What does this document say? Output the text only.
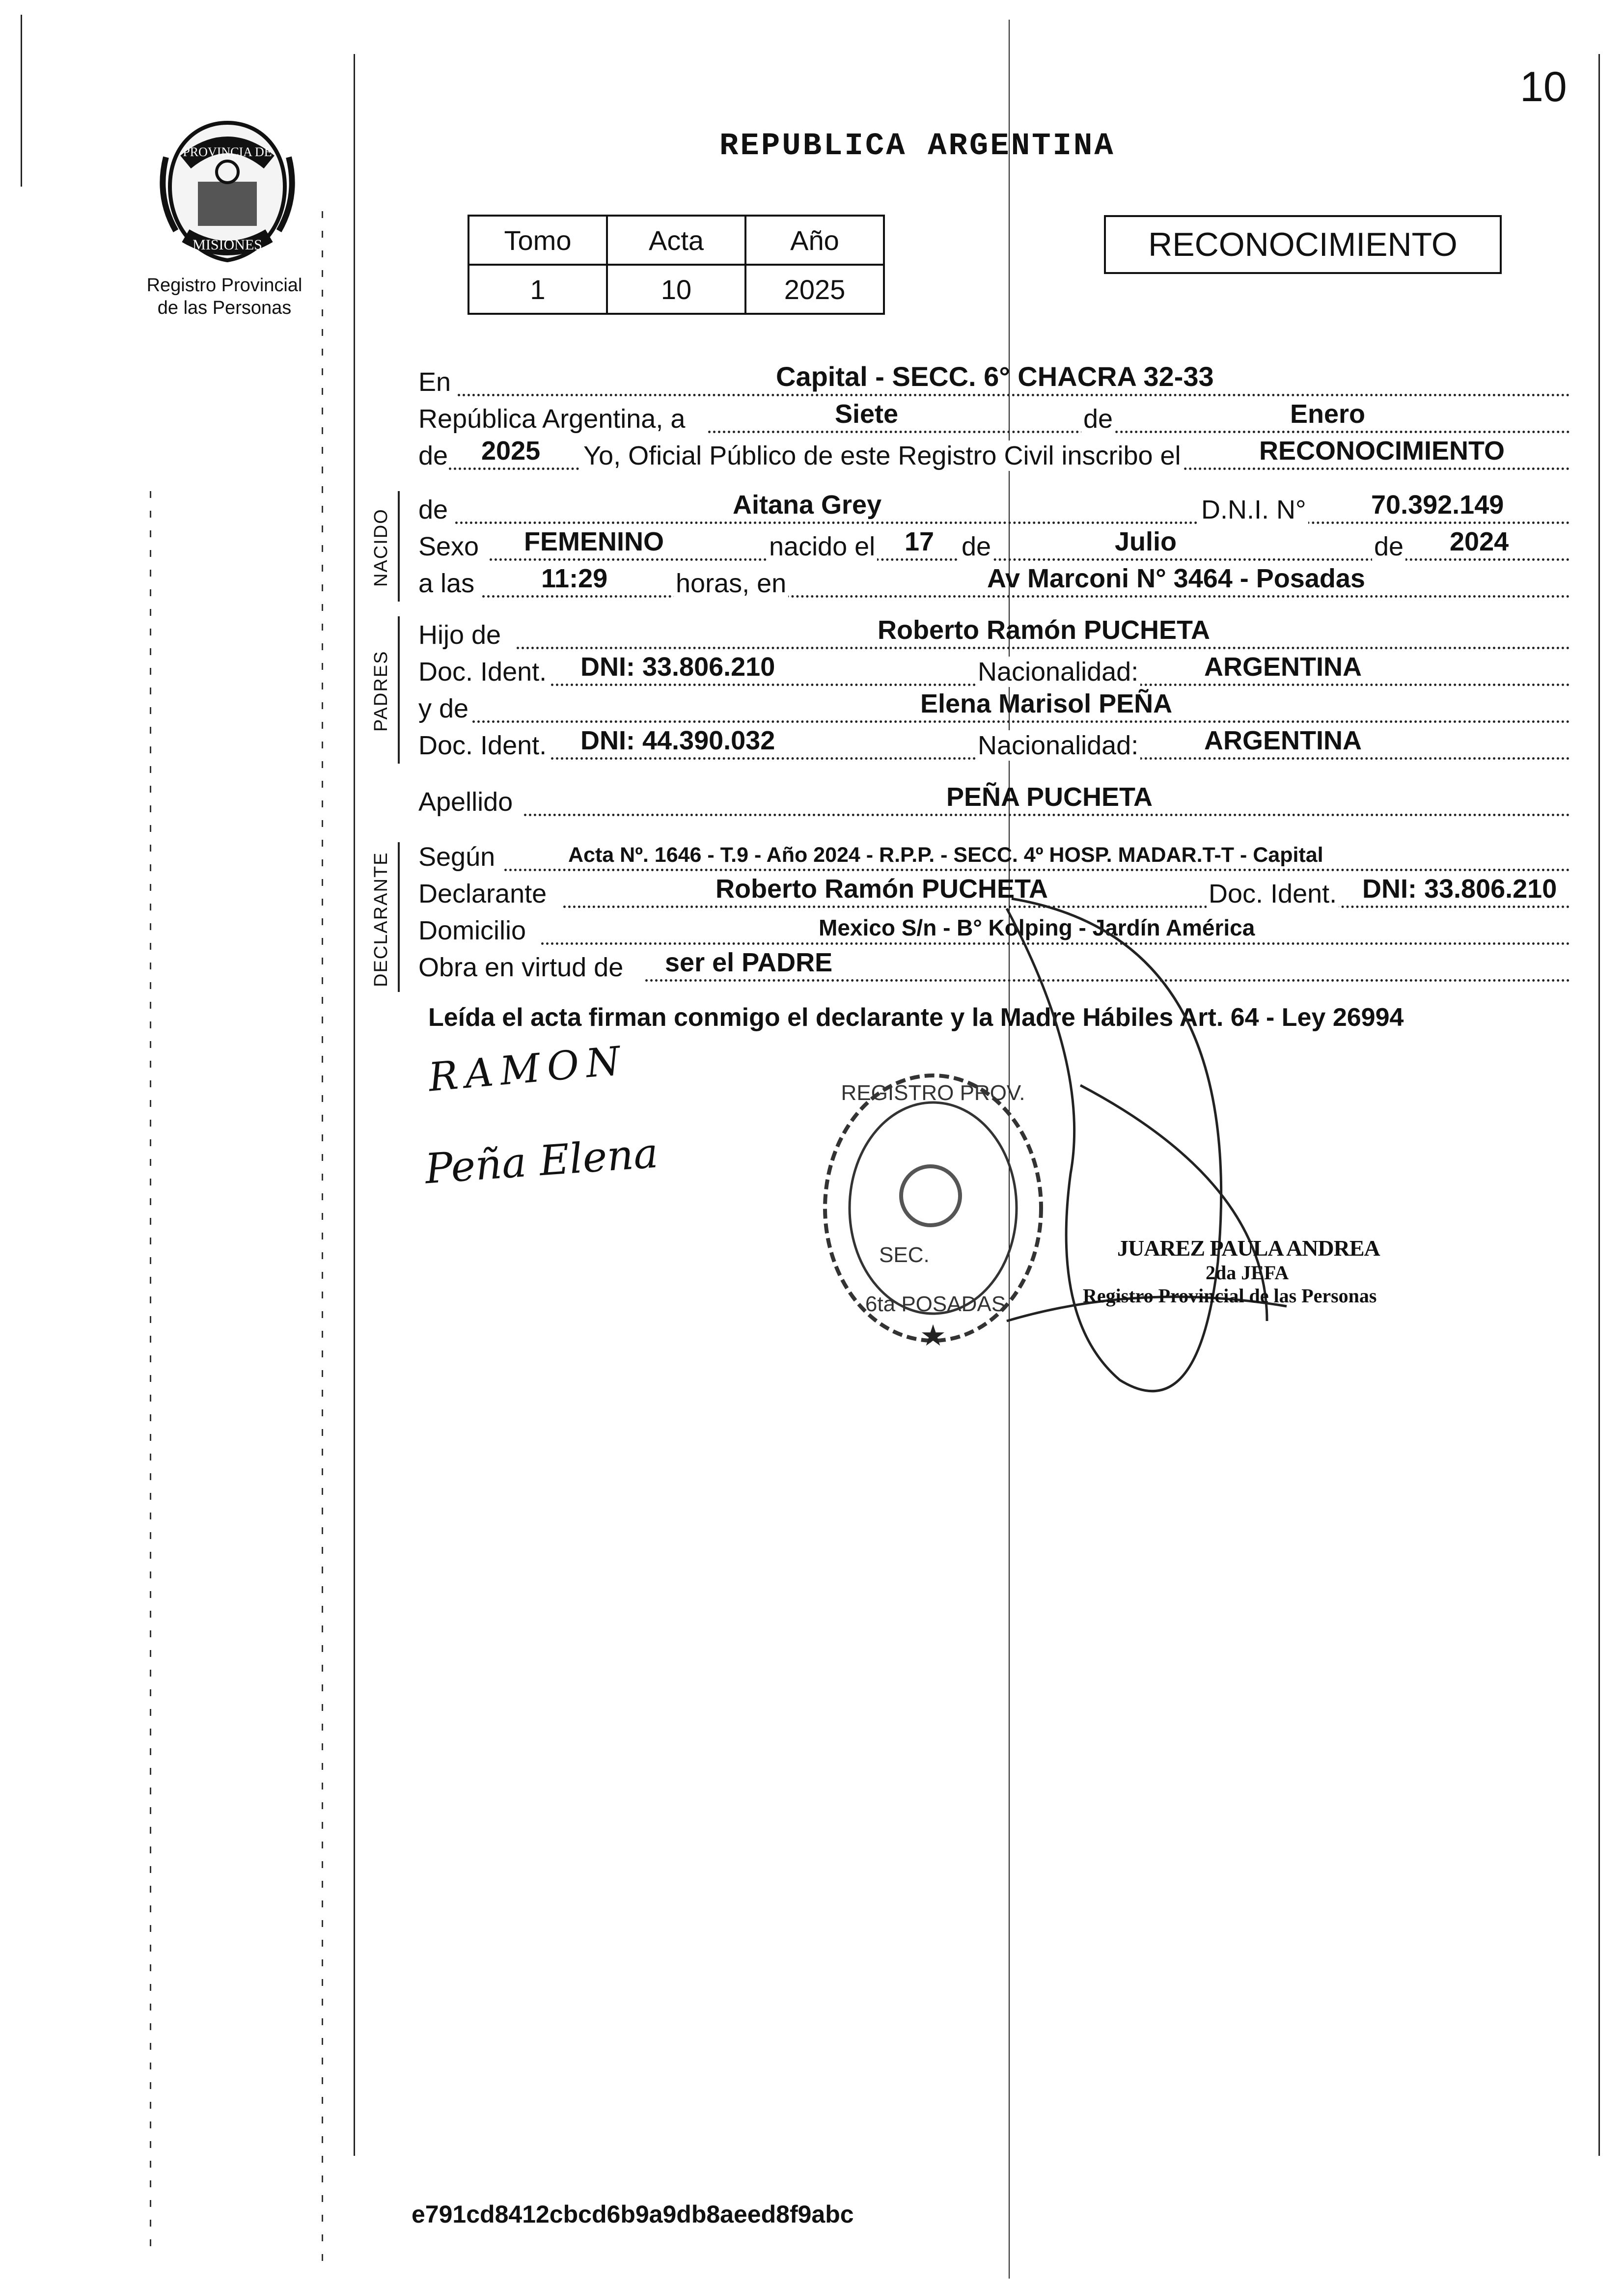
10
PROVINCIA DE
MISIONES
Registro Provincial
de las Personas
REPUBLICA ARGENTINA
Tomo	Acta	Año
1	10	2025
RECONOCIMIENTO
En	Capital - SECC. 6° CHACRA 32-33
República Argentina, a	Siete	de	Enero
de 2025 Yo, Oficial Público de este Registro Civil inscribo el	RECONOCIMIENTO
NACIDO de	Aitana Grey	D.N.I. N° 70.392.149
Sexo FEMENINO	nacido el 17 de	Julio	de 2024
a las	11:29	horas, en	Av Marconi N° 3464 - Posadas
PADRES
Hijo de	Roberto Ramón PUCHETA
Doc. Ident. DNI: 33.806.210	Nacionalidad: ARGENTINA
y de	Elena Marisol PEÑA
Doc. Ident. DNI: 44.390.032	Nacionalidad: ARGENTINA
Apellido	PEÑA PUCHETA
DECLARANTE Según	Acta Nº. 1646 - T.9 - Año 2024 - R.P.P. - SECC. 4º HOSP. MADAR.T-T - Capital
Declarante	Roberto Ramón PUCHETA	Doc. Ident. DNI: 33.806.210
Domicilio	Mexico S/n - B° Kolping - Jardín América
Obra en virtud de ser el PADRE
Leída el acta firman conmigo el declarante y la Madre Hábiles Art. 64 - Ley 26994
RAMON
Peña Elena
REGISTRO PROV.
SEC.
6ta POSADAS
★
JUAREZ PAULA ANDREA
2da JEFA
Registro Provincial de las Personas
e791cd8412cbcd6b9a9db8aeed8f9abc
